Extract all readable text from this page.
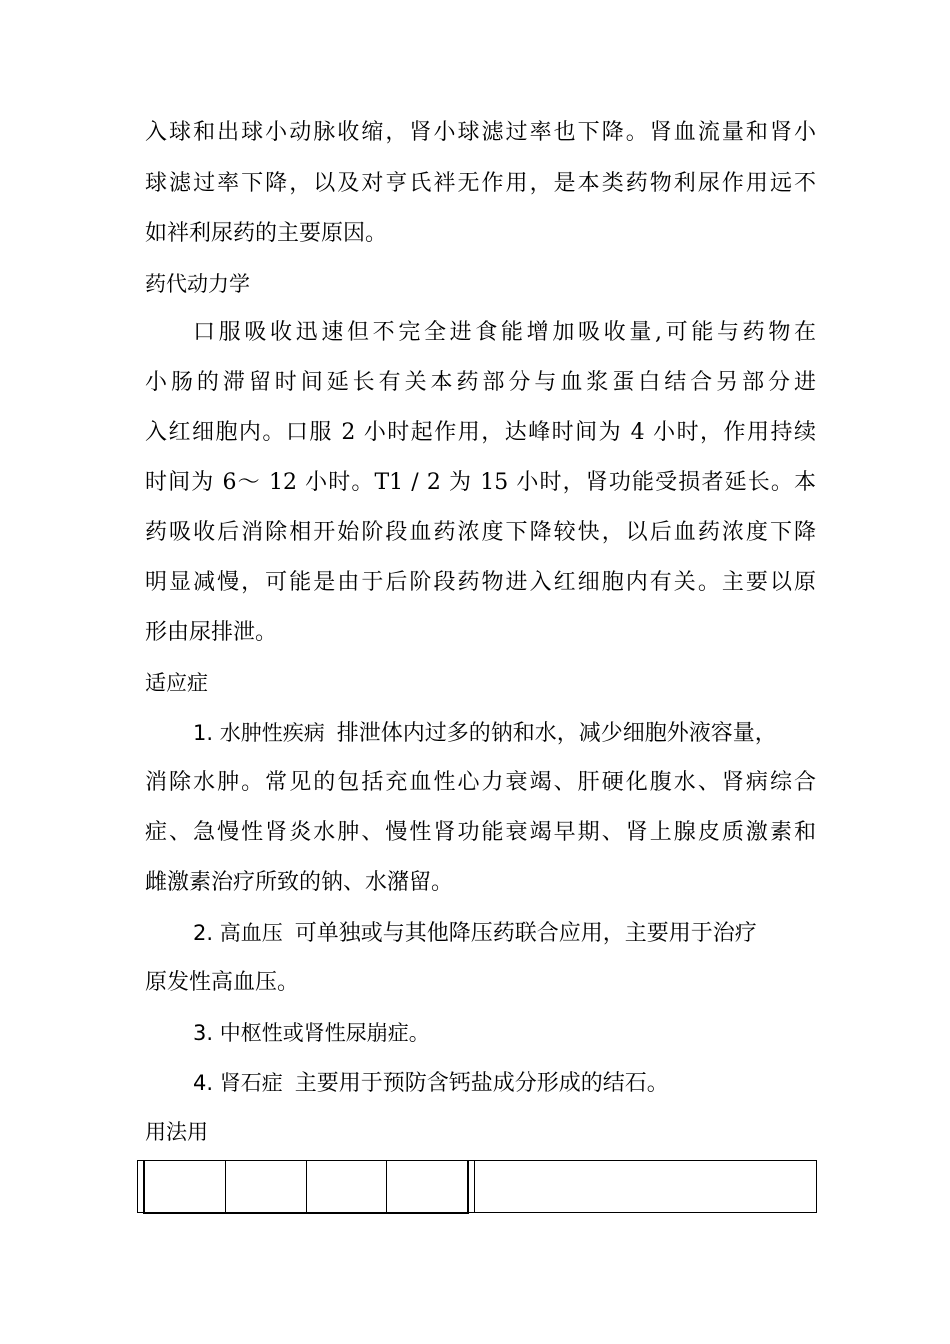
入球和出球小动脉收缩，肾小球滤过率也下降。肾血流量和肾小

球滤过率下降，以及对亨氏袢无作用，是本类药物利尿作用远不

如袢利尿药的主要原因。

药代动力学

口服吸收迅速但不完全进食能增加吸收量,可能与药物在

小肠的滞留时间延长有关本药部分与血浆蛋白结合另部分进

入红细胞内。口服 2 小时起作用，达峰时间为 4 小时，作用持续

时间为 6～ 12 小时。T1 / 2 为 15 小时，肾功能受损者延长。本

药吸收后消除相开始阶段血药浓度下降较快，以后血药浓度下降

明显减慢，可能是由于后阶段药物进入红细胞内有关。主要以原

形由尿排泄。

适应症

1. 水肿性疾病 排泄体内过多的钠和水，减少细胞外液容量，

消除水肿。常见的包括充血性心力衰竭、肝硬化腹水、肾病综合

症、急慢性肾炎水肿、慢性肾功能衰竭早期、肾上腺皮质激素和

雌激素治疗所致的钠、水潴留。

2. 高血压 可单独或与其他降压药联合应用，主要用于治疗

原发性高血压。

3. 中枢性或肾性尿崩症。

4. 肾石症 主要用于预防含钙盐成分形成的结石。

用法用
